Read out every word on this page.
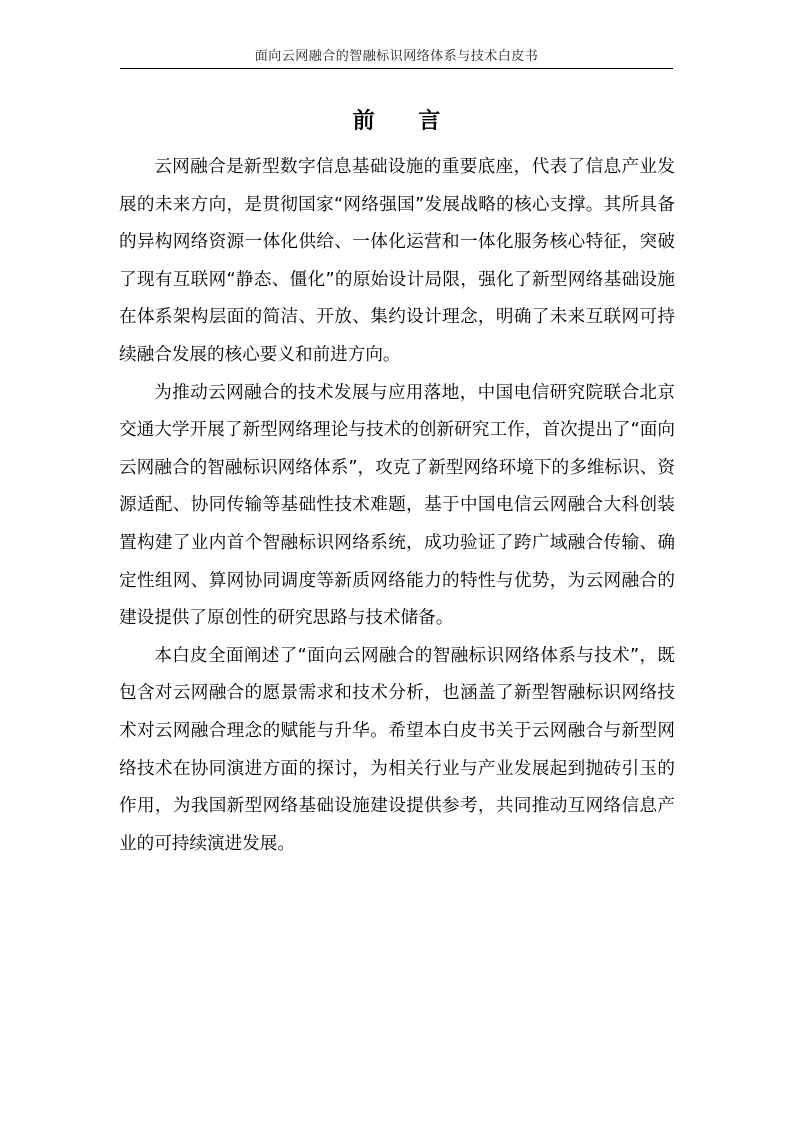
面向云网融合的智融标识网络体系与技术白皮书
前 言

云网融合是新型数字信息基础设施的重要底座，代表了信息产业发展的未来方向，是贯彻国家“网络强国”发展战略的核心支撑。其所具备的异构网络资源一体化供给、一体化运营和一体化服务核心特征，突破了现有互联网“静态、僵化”的原始设计局限，强化了新型网络基础设施在体系架构层面的简洁、开放、集约设计理念，明确了未来互联网可持续融合发展的核心要义和前进方向。

为推动云网融合的技术发展与应用落地，中国电信研究院联合北京交通大学开展了新型网络理论与技术的创新研究工作，首次提出了“面向云网融合的智融标识网络体系”，攻克了新型网络环境下的多维标识、资源适配、协同传输等基础性技术难题，基于中国电信云网融合大科创装置构建了业内首个智融标识网络系统，成功验证了跨广域融合传输、确定性组网、算网协同调度等新质网络能力的特性与优势，为云网融合的建设提供了原创性的研究思路与技术储备。

本白皮全面阐述了“面向云网融合的智融标识网络体系与技术”，既包含对云网融合的愿景需求和技术分析，也涵盖了新型智融标识网络技术对云网融合理念的赋能与升华。希望本白皮书关于云网融合与新型网络技术在协同演进方面的探讨，为相关行业与产业发展起到抛砖引玉的作用，为我国新型网络基础设施建设提供参考，共同推动互网络信息产业的可持续演进发展。
